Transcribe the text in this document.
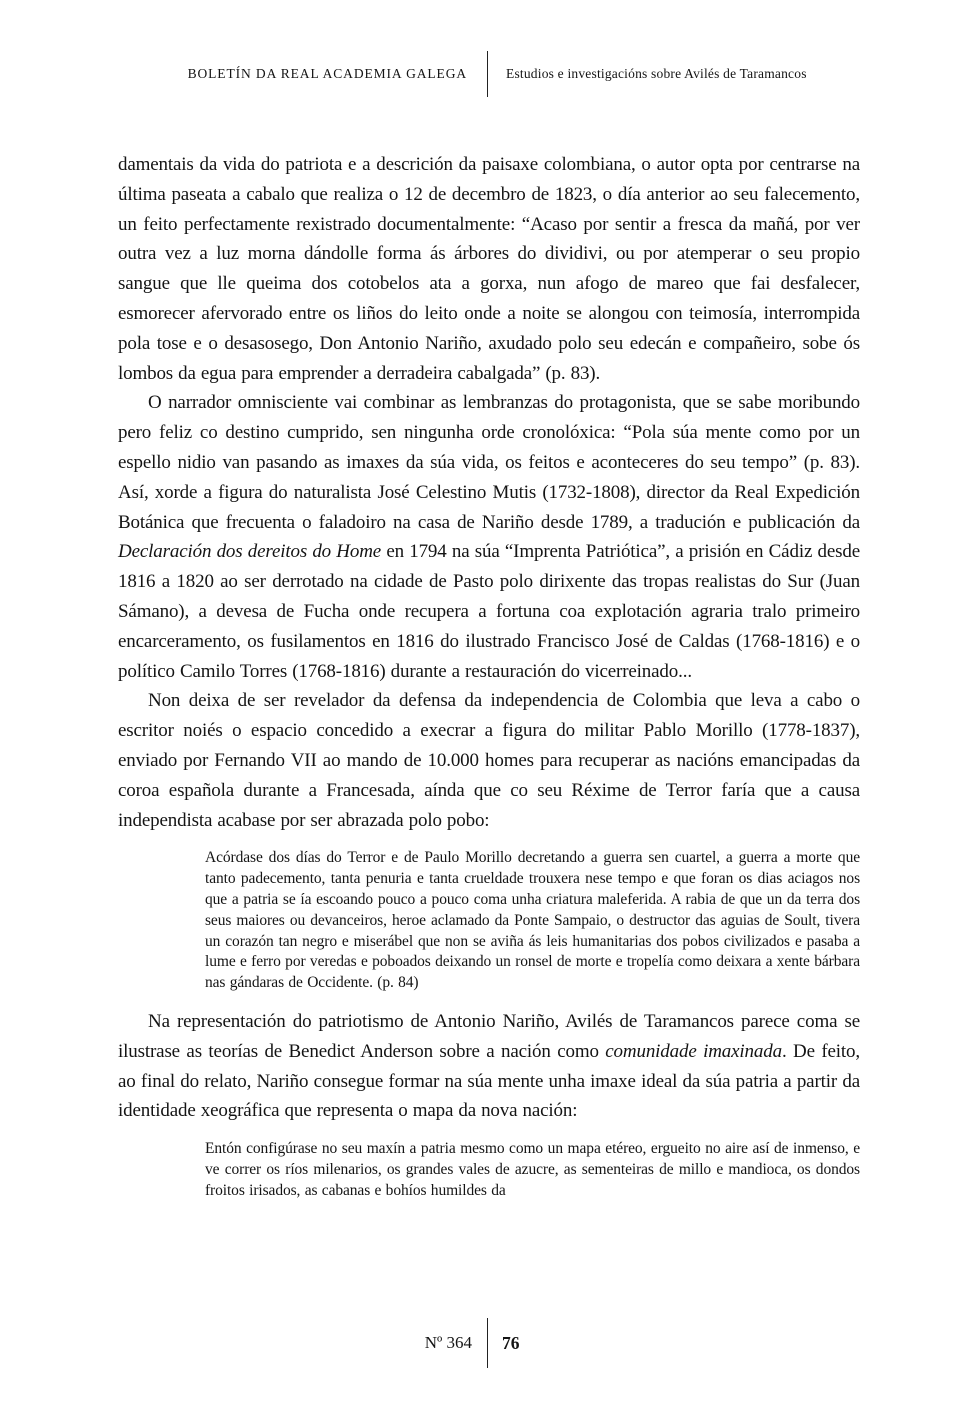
BOLETÍN DA REAL ACADEMIA GALEGA	Estudios e investigacións sobre Avilés de Taramancos

damentais da vida do patriota e a descrición da paisaxe colombiana, o autor opta por centrarse na última paseata a cabalo que realiza o 12 de decembro de 1823, o día anterior ao seu falecemento, un feito perfectamente rexistrado documentalmente: “Acaso por sentir a fresca da mañá, por ver outra vez a luz morna dándolle forma ás árbores do dividivi, ou por atemperar o seu propio sangue que lle queima dos cotobelos ata a gorxa, nun afogo de mareo que fai desfalecer, esmorecer afervorado entre os liños do leito onde a noite se alongou con teimosía, interrompida pola tose e o desasosego, Don Antonio Nariño, axudado polo seu edecán e compañeiro, sobe ós lombos da egua para emprender a derradeira cabalgada” (p. 83).

O narrador omnisciente vai combinar as lembranzas do protagonista, que se sabe moribundo pero feliz co destino cumprido, sen ningunha orde cronolóxica: “Pola súa mente como por un espello nidio van pasando as imaxes da súa vida, os feitos e aconteceres do seu tempo” (p. 83). Así, xorde a figura do naturalista José Celestino Mutis (1732-1808), director da Real Expedición Botánica que frecuenta o faladoiro na casa de Nariño desde 1789, a tradución e publicación da Declaración dos dereitos do Home en 1794 na súa “Imprenta Patriótica”, a prisión en Cádiz desde 1816 a 1820 ao ser derrotado na cidade de Pasto polo dirixente das tropas realistas do Sur (Juan Sámano), a devesa de Fucha onde recupera a fortuna coa explotación agraria tralo primeiro encarceramento, os fusilamentos en 1816 do ilustrado Francisco José de Caldas (1768-1816) e o político Camilo Torres (1768-1816) durante a restauración do vicerreinado...

Non deixa de ser revelador da defensa da independencia de Colombia que leva a cabo o escritor noiés o espacio concedido a execrar a figura do militar Pablo Morillo (1778-1837), enviado por Fernando VII ao mando de 10.000 homes para recuperar as nacións emancipadas da coroa española durante a Francesada, aínda que co seu Réxime de Terror faría que a causa independista acabase por ser abrazada polo pobo:

Acórdase dos días do Terror e de Paulo Morillo decretando a guerra sen cuartel, a guerra a morte que tanto padecemento, tanta penuria e tanta crueldade trouxera nese tempo e que foran os dias aciagos nos que a patria se ía escoando pouco a pouco coma unha criatura maleferida. A rabia de que un da terra dos seus maiores ou devanceiros, heroe aclamado da Ponte Sampaio, o destructor das aguias de Soult, tivera un corazón tan negro e miserábel que non se aviña ás leis humanitarias dos pobos civilizados e pasaba a lume e ferro por veredas e poboados deixando un ronsel de morte e tropelía como deixara a xente bárbara nas gándaras de Occidente. (p. 84)

Na representación do patriotismo de Antonio Nariño, Avilés de Taramancos parece coma se ilustrase as teorías de Benedict Anderson sobre a nación como comunidade imaxinada. De feito, ao final do relato, Nariño consegue formar na súa mente unha imaxe ideal da súa patria a partir da identidade xeográfica que representa o mapa da nova nación:

Entón configúrase no seu maxín a patria mesmo como un mapa etéreo, ergueito no aire así de inmenso, e ve correr os ríos milenarios, os grandes vales de azucre, as sementeiras de millo e mandioca, os dondos froitos irisados, as cabanas e bohíos humildes da

Nº 364	76
